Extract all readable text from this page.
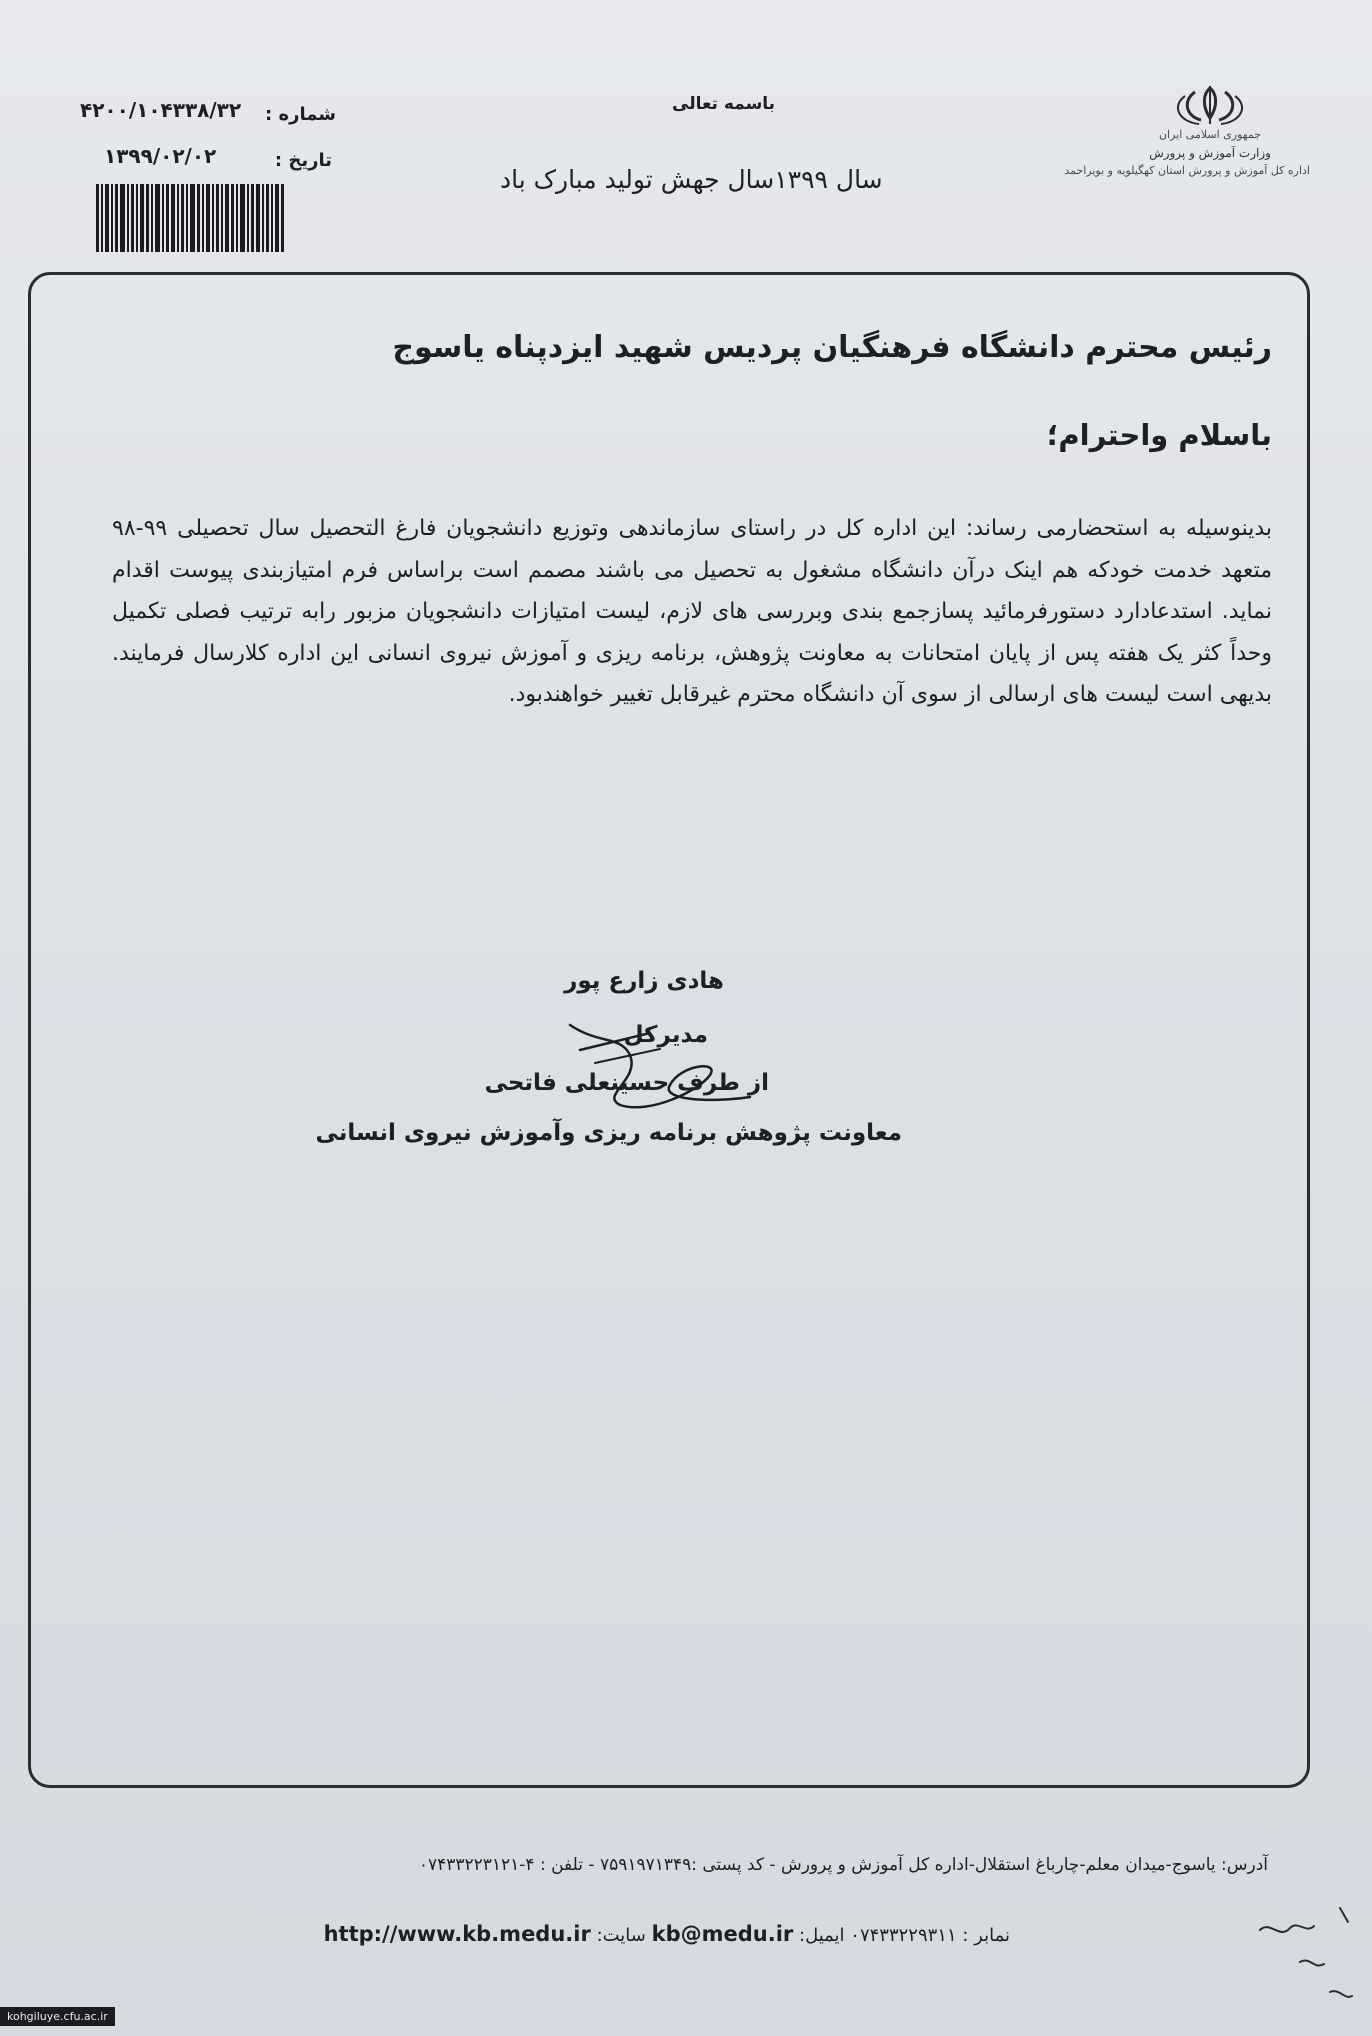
جمهوری اسلامی ایران
وزارت آموزش و پرورش
اداره کل آموزش و پرورش استان کهگیلویه و بویراحمد
باسمه تعالی
شماره :
۴۲۰۰/۱۰۴۳۳۸/۳۲
تاریخ :
۱۳۹۹/۰۲/۰۲
سال ۱۳۹۹سال جهش تولید مبارک باد
رئیس محترم دانشگاه فرهنگیان پردیس شهید ایزدپناه یاسوج
باسلام واحترام؛
بدینوسیله به استحضارمی رساند: این اداره کل در راستای سازماندهی وتوزیع دانشجویان فارغ التحصیل سال تحصیلی ۹۹-۹۸ متعهد خدمت خودکه هم اینک درآن دانشگاه مشغول به تحصیل می باشند مصمم است براساس فرم امتیازبندی پیوست اقدام نماید. استدعادارد دستورفرمائید پسازجمع بندی وبررسی های لازم، لیست امتیازات دانشجویان مزبور رابه ترتیب فصلی تکمیل وحداً کثر یک هفته پس از پایان امتحانات به معاونت پژوهش، برنامه ریزی و آموزش نیروی انسانی این اداره کلارسال فرمایند. بدیهی است لیست های ارسالی از سوی آن دانشگاه محترم غیرقابل تغییر خواهندبود.
هادی زارع پور
مدیرکل
از طرف حسینعلی فاتحی
معاونت پژوهش برنامه ریزی وآموزش نیروی انسانی
آدرس: یاسوج-میدان معلم-چارباغ استقلال-اداره کل آموزش و پرورش - کد پستی :۷۵۹۱۹۷۱۳۴۹ - تلفن : ۴-۰۷۴۳۳۲۲۳۱۲۱
نمابر : ۰۷۴۳۳۲۲۹۳۱۱ ایمیل: kb@medu.ir سایت: http://www.kb.medu.ir
kohgiluye.cfu.ac.ir
